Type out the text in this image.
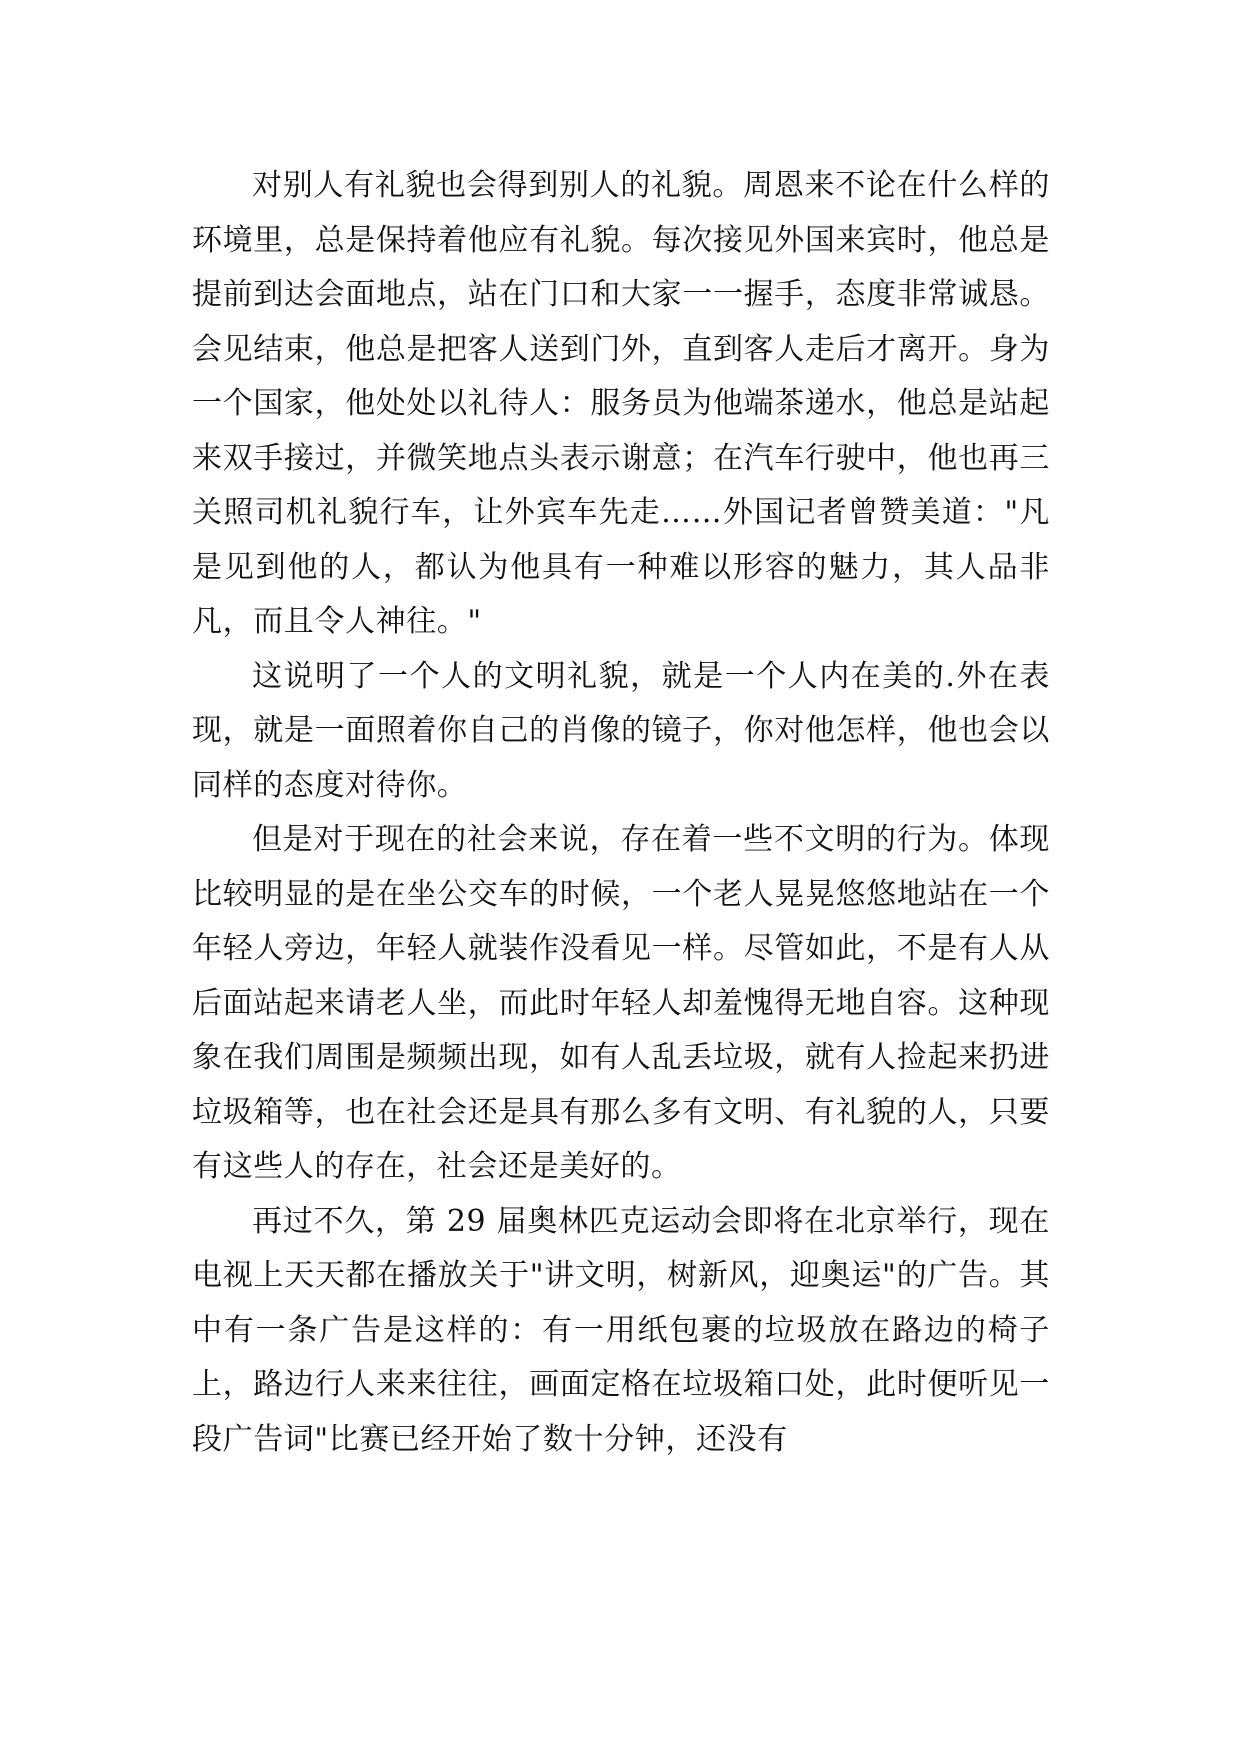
对别人有礼貌也会得到别人的礼貌。周恩来不论在什么样的环境里，总是保持着他应有礼貌。每次接见外国来宾时，他总是提前到达会面地点，站在门口和大家一一握手，态度非常诚恳。会见结束，他总是把客人送到门外，直到客人走后才离开。身为一个国家，他处处以礼待人：服务员为他端茶递水，他总是站起来双手接过，并微笑地点头表示谢意；在汽车行驶中，他也再三关照司机礼貌行车，让外宾车先走……外国记者曾赞美道："凡是见到他的人，都认为他具有一种难以形容的魅力，其人品非凡，而且令人神往。"

这说明了一个人的文明礼貌，就是一个人内在美的.外在表现，就是一面照着你自己的肖像的镜子，你对他怎样，他也会以同样的态度对待你。

但是对于现在的社会来说，存在着一些不文明的行为。体现比较明显的是在坐公交车的时候，一个老人晃晃悠悠地站在一个年轻人旁边，年轻人就装作没看见一样。尽管如此，不是有人从后面站起来请老人坐，而此时年轻人却羞愧得无地自容。这种现象在我们周围是频频出现，如有人乱丢垃圾，就有人捡起来扔进垃圾箱等，也在社会还是具有那么多有文明、有礼貌的人，只要有这些人的存在，社会还是美好的。

再过不久，第 29 届奥林匹克运动会即将在北京举行，现在电视上天天都在播放关于"讲文明，树新风，迎奥运"的广告。其中有一条广告是这样的：有一用纸包裹的垃圾放在路边的椅子上，路边行人来来往往，画面定格在垃圾箱口处，此时便听见一段广告词"比赛已经开始了数十分钟，还没有
